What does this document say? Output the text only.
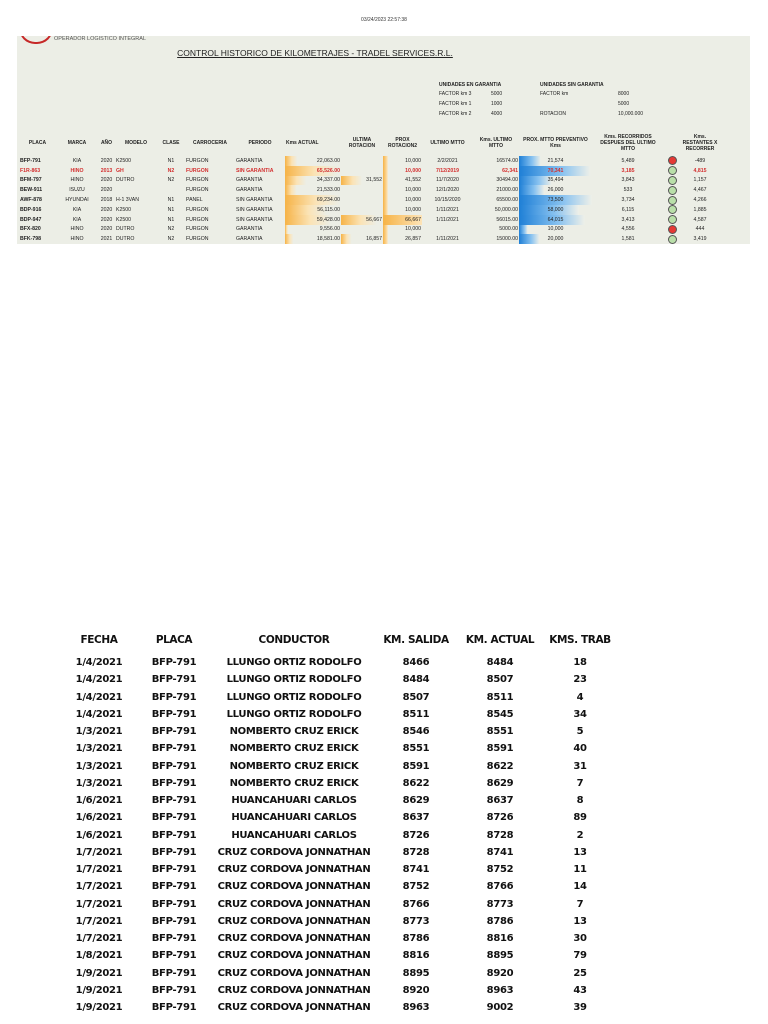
03/24/2023 22:57:38
OPERADOR LOGISTICO INTEGRAL
CONTROL HISTORICO DE KILOMETRAJES - TRADEL SERVICES.R.L.
UNIDADES EN GARANTIA
FACTOR km 3	5000
FACTOR km 1	1000
FACTOR km 2	4000
UNIDADES SIN GARANTIA
FACTOR km	8000
5000
ROTACION	10,000.000
PLACA	MARCA	AÑO	MODELO	CLASE	CARROCERIA	PERIODO	Kms ACTUAL	ULTIMA ROTACION	PROX ROTACION2	ULTIMO MTTO	Kms. ULTIMO MTTO	PROX. MTTO PREVENTIVO Kms	Kms. RECORRIDOS DESPUES DEL ULTIMO MTTO		Kms. RESTANTES X RECORRER
BFP-791	KIA	2020	K2500	N1	FURGON	GARANTIA	22,063.00		10,000	2/2/2021	16574.00	21,574	5,489		-489
F1R-863	HINO	2013	GH	N2	FURGON	SIN GARANTIA	65,526.00		10,000	7/12/2019	62,341	70,341	3,185		4,815
BFM-797	HINO	2020	DUTRO	N2	FURGON	GARANTIA	34,337.00	31,552	41,552	11/7/2020	30494.00	35,494	3,843		1,157
BEW-911	ISUZU	2020			FURGON	GARANTIA	21,533.00		10,000	12/1/2020	21000.00	26,000	533		4,467
AWF-878	HYUNDAI	2018	H-1 3VAN	N1	PANEL	SIN GARANTIA	69,234.00		10,000	10/15/2020	65500.00	73,500	3,734		4,266
BDP-916	KIA	2020	K2500	N1	FURGON	SIN GARANTIA	56,115.00		10,000	1/11/2021	50,000.00	58,000	6,115		1,885
BDP-947	KIA	2020	K2500	N1	FURGON	SIN GARANTIA	59,428.00	56,667	66,667	1/11/2021	56015.00	64,015	3,413		4,587
BFX-820	HINO	2020	DUTRO	N2	FURGON	GARANTIA	9,556.00		10,000		5000.00	10,000	4,556		444
BFK-798	HINO	2021	DUTRO	N2	FURGON	GARANTIA	18,581.00	16,857	26,857	1/11/2021	15000.00	20,000	1,581		3,419
FECHA	PLACA	CONDUCTOR	KM. SALIDA	KM. ACTUAL	KMS. TRAB
1/4/2021	BFP-791	LLUNGO ORTIZ RODOLFO	8466	8484	18
1/4/2021	BFP-791	LLUNGO ORTIZ RODOLFO	8484	8507	23
1/4/2021	BFP-791	LLUNGO ORTIZ RODOLFO	8507	8511	4
1/4/2021	BFP-791	LLUNGO ORTIZ RODOLFO	8511	8545	34
1/3/2021	BFP-791	NOMBERTO CRUZ ERICK	8546	8551	5
1/3/2021	BFP-791	NOMBERTO CRUZ ERICK	8551	8591	40
1/3/2021	BFP-791	NOMBERTO CRUZ ERICK	8591	8622	31
1/3/2021	BFP-791	NOMBERTO CRUZ ERICK	8622	8629	7
1/6/2021	BFP-791	HUANCAHUARI CARLOS	8629	8637	8
1/6/2021	BFP-791	HUANCAHUARI CARLOS	8637	8726	89
1/6/2021	BFP-791	HUANCAHUARI CARLOS	8726	8728	2
1/7/2021	BFP-791	CRUZ CORDOVA JONNATHAN	8728	8741	13
1/7/2021	BFP-791	CRUZ CORDOVA JONNATHAN	8741	8752	11
1/7/2021	BFP-791	CRUZ CORDOVA JONNATHAN	8752	8766	14
1/7/2021	BFP-791	CRUZ CORDOVA JONNATHAN	8766	8773	7
1/7/2021	BFP-791	CRUZ CORDOVA JONNATHAN	8773	8786	13
1/7/2021	BFP-791	CRUZ CORDOVA JONNATHAN	8786	8816	30
1/8/2021	BFP-791	CRUZ CORDOVA JONNATHAN	8816	8895	79
1/9/2021	BFP-791	CRUZ CORDOVA JONNATHAN	8895	8920	25
1/9/2021	BFP-791	CRUZ CORDOVA JONNATHAN	8920	8963	43
1/9/2021	BFP-791	CRUZ CORDOVA JONNATHAN	8963	9002	39
